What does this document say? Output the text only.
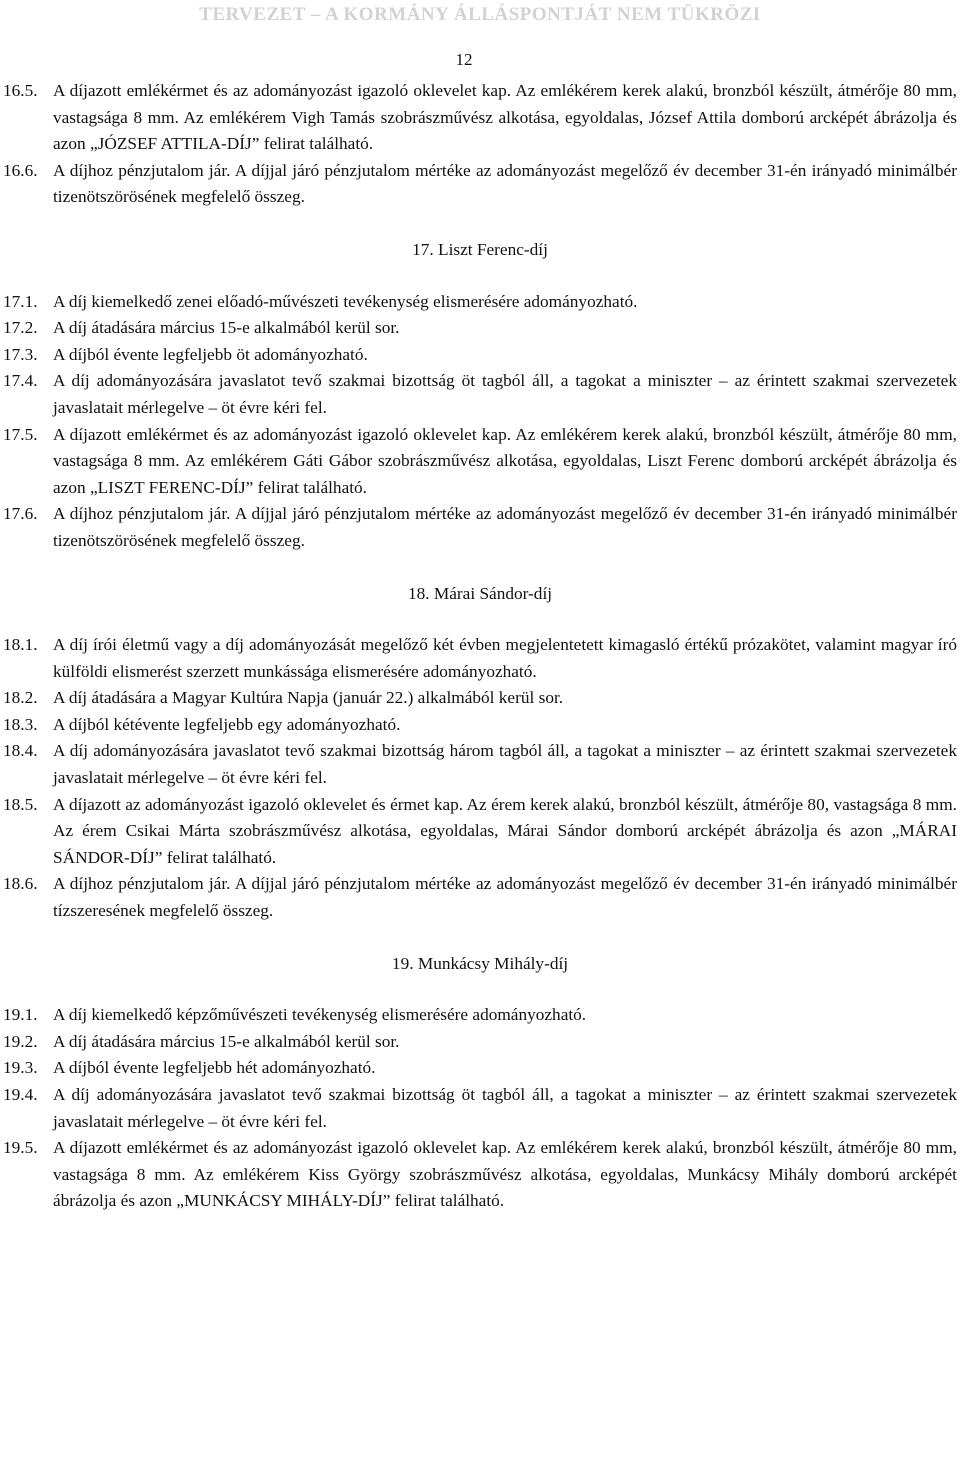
TERVEZET – A KORMÁNY ÁLLÁSPONTJÁT NEM TÜKRÖZI
12
16.5. A díjazott emlékérmet és az adományozást igazoló oklevelet kap. Az emlékérem kerek alakú, bronzból készült, átmérője 80 mm, vastagsága 8 mm. Az emlékérem Vigh Tamás szobrászművész alkotása, egyoldalas, József Attila domború arcképét ábrázolja és azon „JÓZSEF ATTILA-DÍJ” felirat található.
16.6. A díjhoz pénzjutalom jár. A díjjal járó pénzjutalom mértéke az adományozást megelőző év december 31-én irányadó minimálbér tizenötszörösének megfelelő összeg.
17. Liszt Ferenc-díj
17.1. A díj kiemelkedő zenei előadó-művészeti tevékenység elismerésére adományozható.
17.2. A díj átadására március 15-e alkalmából kerül sor.
17.3. A díjból évente legfeljebb öt adományozható.
17.4. A díj adományozására javaslatot tevő szakmai bizottság öt tagból áll, a tagokat a miniszter – az érintett szakmai szervezetek javaslatait mérlegelve – öt évre kéri fel.
17.5. A díjazott emlékérmet és az adományozást igazoló oklevelet kap. Az emlékérem kerek alakú, bronzból készült, átmérője 80 mm, vastagsága 8 mm. Az emlékérem Gáti Gábor szobrászművész alkotása, egyoldalas, Liszt Ferenc domború arcképét ábrázolja és azon „LISZT FERENC-DÍJ” felirat található.
17.6. A díjhoz pénzjutalom jár. A díjjal járó pénzjutalom mértéke az adományozást megelőző év december 31-én irányadó minimálbér tizenötszörösének megfelelő összeg.
18. Márai Sándor-díj
18.1. A díj írói életmű vagy a díj adományozását megelőző két évben megjelentetett kimagasló értékű prózakötet, valamint magyar író külföldi elismerést szerzett munkássága elismerésére adományozható.
18.2. A díj átadására a Magyar Kultúra Napja (január 22.) alkalmából kerül sor.
18.3. A díjból kétévente legfeljebb egy adományozható.
18.4. A díj adományozására javaslatot tevő szakmai bizottság három tagból áll, a tagokat a miniszter – az érintett szakmai szervezetek javaslatait mérlegelve – öt évre kéri fel.
18.5. A díjazott az adományozást igazoló oklevelet és érmet kap. Az érem kerek alakú, bronzból készült, átmérője 80, vastagsága 8 mm. Az érem Csikai Márta szobrászművész alkotása, egyoldalas, Márai Sándor domború arcképét ábrázolja és azon „MÁRAI SÁNDOR-DÍJ” felirat található.
18.6. A díjhoz pénzjutalom jár. A díjjal járó pénzjutalom mértéke az adományozást megelőző év december 31-én irányadó minimálbér tízszeresének megfelelő összeg.
19. Munkácsy Mihály-díj
19.1. A díj kiemelkedő képzőművészeti tevékenység elismerésére adományozható.
19.2. A díj átadására március 15-e alkalmából kerül sor.
19.3. A díjból évente legfeljebb hét adományozható.
19.4. A díj adományozására javaslatot tevő szakmai bizottság öt tagból áll, a tagokat a miniszter – az érintett szakmai szervezetek javaslatait mérlegelve – öt évre kéri fel.
19.5. A díjazott emlékérmet és az adományozást igazoló oklevelet kap. Az emlékérem kerek alakú, bronzból készült, átmérője 80 mm, vastagsága 8 mm. Az emlékérem Kiss György szobrászművész alkotása, egyoldalas, Munkácsy Mihály domború arcképét ábrázolja és azon „MUNKÁCSY MIHÁLY-DÍJ” felirat található.
